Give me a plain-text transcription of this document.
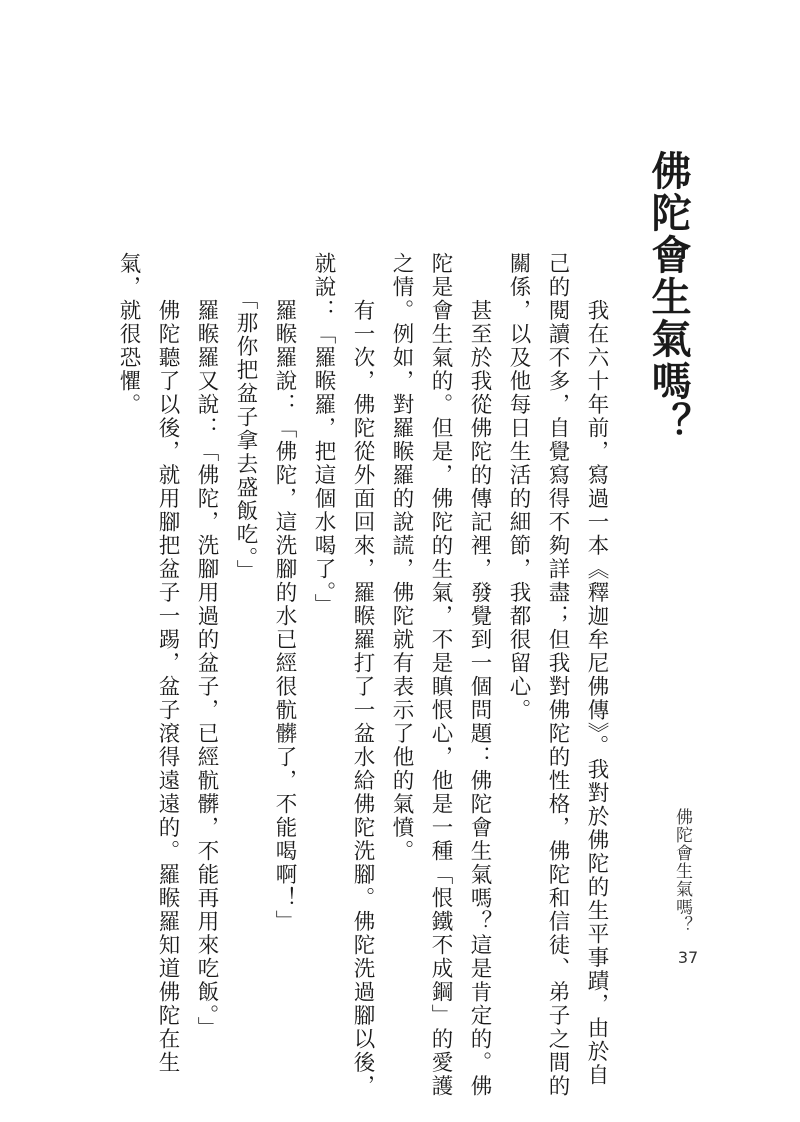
佛陀會生氣嗎？
　　我在六十年前，寫過一本《釋迦牟尼佛傳》。我對於佛陀的生平事蹟，由於自
己的閱讀不多，自覺寫得不夠詳盡；但我對佛陀的性格，佛陀和信徒、弟子之間的
關係，以及他每日生活的細節，我都很留心。
　　甚至於我從佛陀的傳記裡，發覺到一個問題：佛陀會生氣嗎？這是肯定的。佛
陀是會生氣的。但是，佛陀的生氣，不是瞋恨心，他是一種「恨鐵不成鋼」的愛護
之情。例如，對羅睺羅的說謊，佛陀就有表示了他的氣憤。
　　有一次，佛陀從外面回來，羅睺羅打了一盆水給佛陀洗腳。佛陀洗過腳以後，
就說：「羅睺羅，把這個水喝了。」
　　羅睺羅說：「佛陀，這洗腳的水已經很骯髒了，不能喝啊！」
　　「那你把盆子拿去盛飯吃。」
　　羅睺羅又說：「佛陀，洗腳用過的盆子，已經骯髒，不能再用來吃飯。」
　　佛陀聽了以後，就用腳把盆子一踢，盆子滾得遠遠的。羅睺羅知道佛陀在生
氣，就很恐懼。
佛陀會生氣嗎？
37
